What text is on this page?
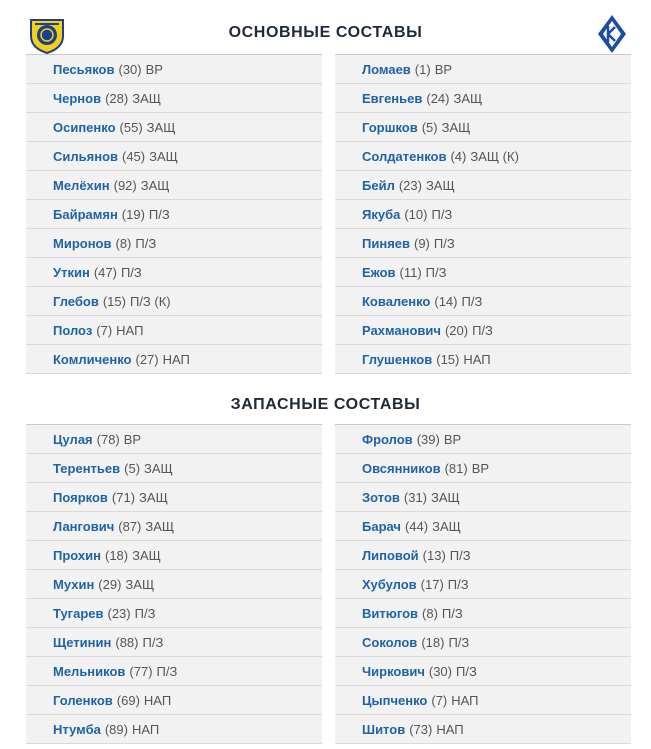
ОСНОВНЫЕ СОСТАВЫ
Песьяков (30) ВР
Чернов (28) ЗАЩ
Осипенко (55) ЗАЩ
Сильянов (45) ЗАЩ
Мелёхин (92) ЗАЩ
Байрамян (19) П/З
Миронов (8) П/З
Уткин (47) П/З
Глебов (15) П/З (К)
Полоз (7) НАП
Комличенко (27) НАП
Ломаев (1) ВР
Евгеньев (24) ЗАЩ
Горшков (5) ЗАЩ
Солдатенков (4) ЗАЩ (К)
Бейл (23) ЗАЩ
Якуба (10) П/З
Пиняев (9) П/З
Ежов (11) П/З
Коваленко (14) П/З
Рахманович (20) П/З
Глушенков (15) НАП
ЗАПАСНЫЕ СОСТАВЫ
Цулая (78) ВР
Терентьев (5) ЗАЩ
Поярков (71) ЗАЩ
Лангович (87) ЗАЩ
Прохин (18) ЗАЩ
Мухин (29) ЗАЩ
Тугарев (23) П/З
Щетинин (88) П/З
Мельников (77) П/З
Голенков (69) НАП
Нтумба (89) НАП
Фролов (39) ВР
Овсянников (81) ВР
Зотов (31) ЗАЩ
Барач (44) ЗАЩ
Липовой (13) П/З
Хубулов (17) П/З
Витюгов (8) П/З
Соколов (18) П/З
Чиркович (30) П/З
Цыпченко (7) НАП
Шитов (73) НАП
